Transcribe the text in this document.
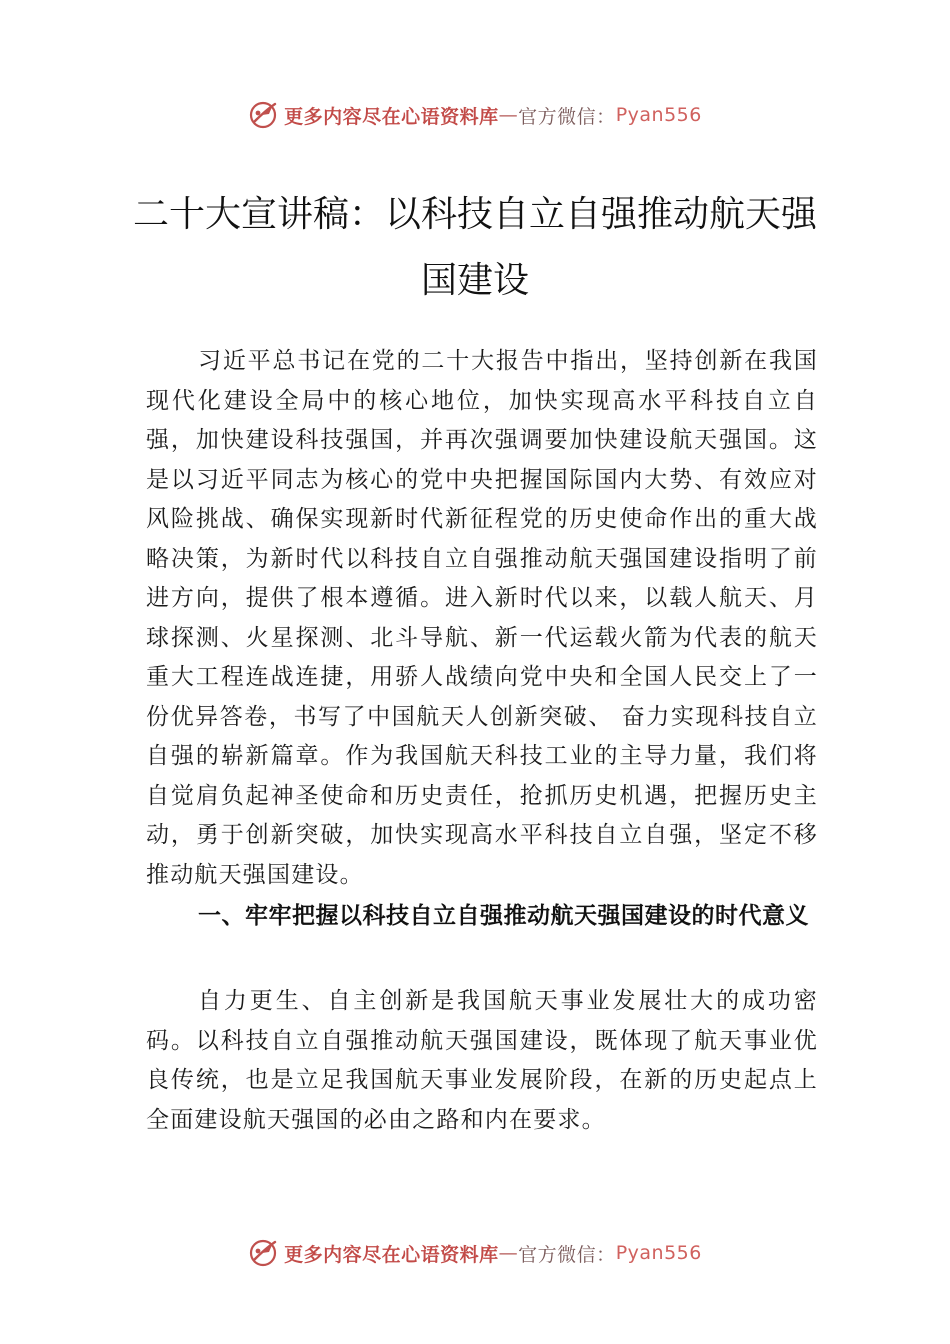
更多内容尽在心语资料库 — 官方微信： Pyan556
二十大宣讲稿：以科技自立自强推动航天强国建设

习近平总书记在党的二十大报告中指出，坚持创新在我国现代化建设全局中的核心地位，加快实现高水平科技自立自强，加快建设科技强国，并再次强调要加快建设航天强国。这是以习近平同志为核心的党中央把握国际国内大势、有效应对风险挑战、确保实现新时代新征程党的历史使命作出的重大战略决策，为新时代以科技自立自强推动航天强国建设指明了前进方向，提供了根本遵循。进入新时代以来，以载人航天、月球探测、火星探测、北斗导航、新一代运载火箭为代表的航天重大工程连战连捷，用骄人战绩向党中央和全国人民交上了一份优异答卷，书写了中国航天人创新突破、 奋力实现科技自立自强的崭新篇章。作为我国航天科技工业的主导力量，我们将自觉肩负起神圣使命和历史责任，抢抓历史机遇，把握历史主动，勇于创新突破，加快实现高水平科技自立自强，坚定不移推动航天强国建设。

一、牢牢把握以科技自立自强推动航天强国建设的时代意义

自力更生、自主创新是我国航天事业发展壮大的成功密码。以科技自立自强推动航天强国建设，既体现了航天事业优良传统，也是立足我国航天事业发展阶段，在新的历史起点上全面建设航天强国的必由之路和内在要求。

更多内容尽在心语资料库 — 官方微信： Pyan556
